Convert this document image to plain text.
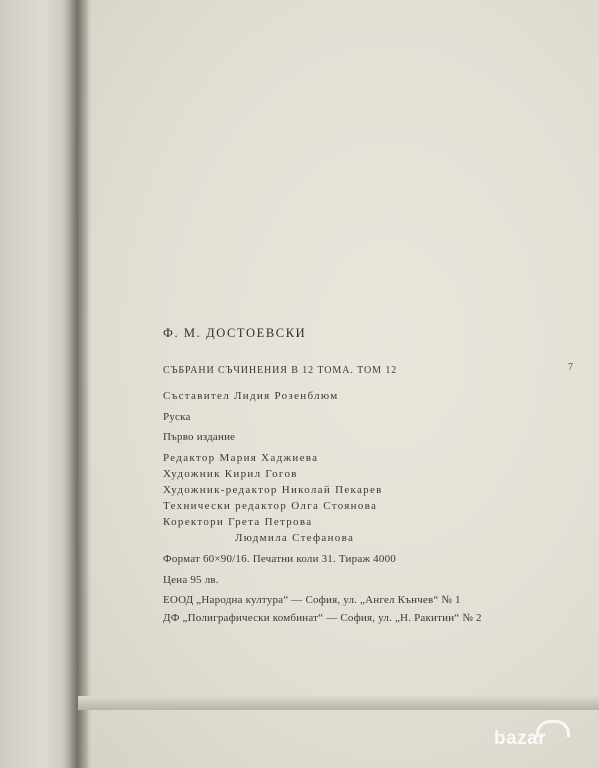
Ф. М. ДОСТОЕВСКИ
СЪБРАНИ СЪЧИНЕНИЯ В 12 ТОМА. ТОМ 12	7
Съставител Лидия Розенблюм
Руска
Първо издание
Редактор Мария Хаджиева
Художник Кирил Гогов
Художник-редактор Николай Пекарев
Технически редактор Олга Стоянова
Коректори Грета Петрова
Людмила Стефанова
Формат 60×90/16. Печатни коли 31. Тираж 4000
Цена 95 лв.
ЕООД „Народна култура“ — София, ул. „Ангел Кънчев“ № 1
ДФ „Полиграфически комбинат“ — София, ул. „Н. Ракитин“ № 2
bazar
